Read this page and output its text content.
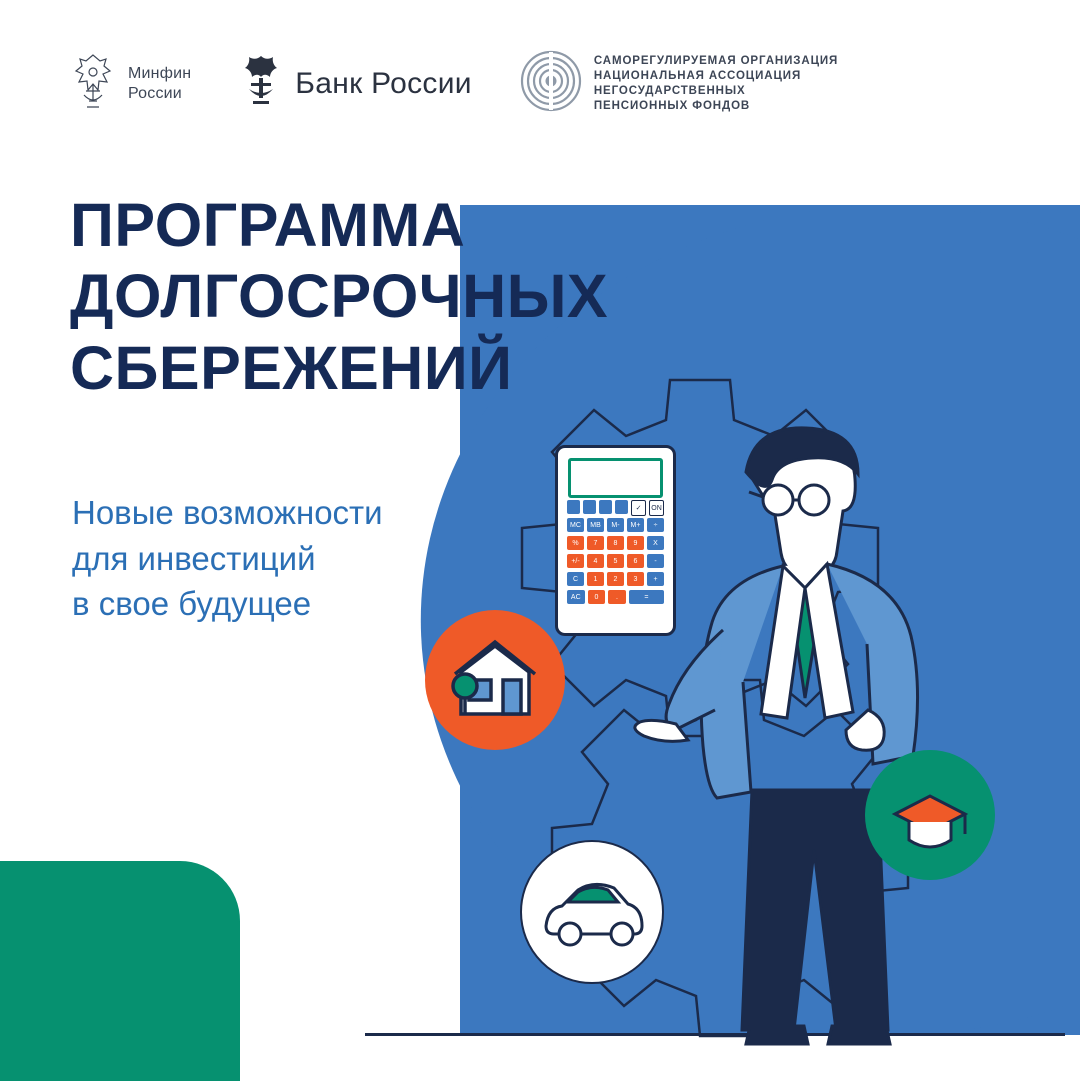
Минфин
России	Банк России
САМОРЕГУЛИРУЕМАЯ ОРГАНИЗАЦИЯ
НАЦИОНАЛЬНАЯ АССОЦИАЦИЯ
НЕГОСУДАРСТВЕННЫХ
ПЕНСИОННЫХ ФОНДОВ
ПРОГРАММА
ДОЛГОСРОЧНЫХ
СБЕРЕЖЕНИЙ
Новые возможности
для инвестиций
в свое будущее
✓	ON
MC	MB	M-	M+	÷
%	7	8	9	X
+/-	4	5	6	-
C	1	2	3	+
AC	0	.	=
